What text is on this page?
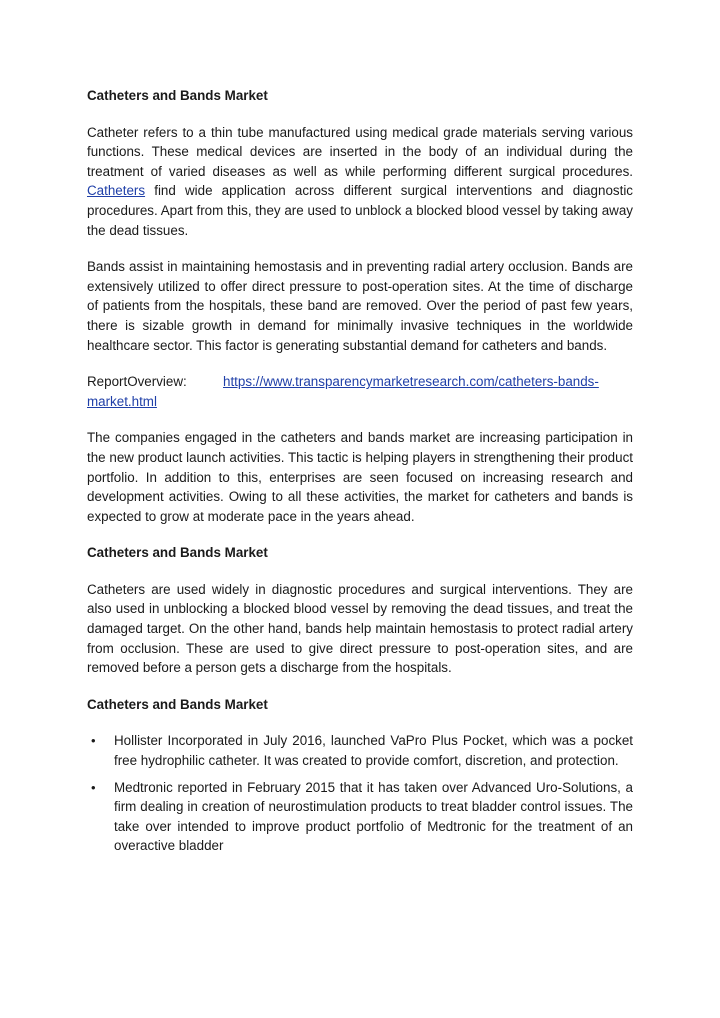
Catheters and Bands Market

Catheter refers to a thin tube manufactured using medical grade materials serving various functions. These medical devices are inserted in the body of an individual during the treatment of varied diseases as well as while performing different surgical procedures. Catheters find wide application across different surgical interventions and diagnostic procedures. Apart from this, they are used to unblock a blocked blood vessel by taking away the dead tissues.

Bands assist in maintaining hemostasis and in preventing radial artery occlusion. Bands are extensively utilized to offer direct pressure to post-operation sites. At the time of discharge of patients from the hospitals, these band are removed. Over the period of past few years, there is sizable growth in demand for minimally invasive techniques in the worldwide healthcare sector. This factor is generating substantial demand for catheters and bands.

ReportOverview:	https://www.transparencymarketresearch.com/catheters-bands-market.html

The companies engaged in the catheters and bands market are increasing participation in the new product launch activities. This tactic is helping players in strengthening their product portfolio. In addition to this, enterprises are seen focused on increasing research and development activities. Owing to all these activities, the market for catheters and bands is expected to grow at moderate pace in the years ahead.

Catheters and Bands Market

Catheters are used widely in diagnostic procedures and surgical interventions. They are also used in unblocking a blocked blood vessel by removing the dead tissues, and treat the damaged target. On the other hand, bands help maintain hemostasis to protect radial artery from occlusion. These are used to give direct pressure to post-operation sites, and are removed before a person gets a discharge from the hospitals.

Catheters and Bands Market
• Hollister Incorporated in July 2016, launched VaPro Plus Pocket, which was a pocket free hydrophilic catheter. It was created to provide comfort, discretion, and protection.
• Medtronic reported in February 2015 that it has taken over Advanced Uro-Solutions, a firm dealing in creation of neurostimulation products to treat bladder control issues. The take over intended to improve product portfolio of Medtronic for the treatment of an overactive bladder
